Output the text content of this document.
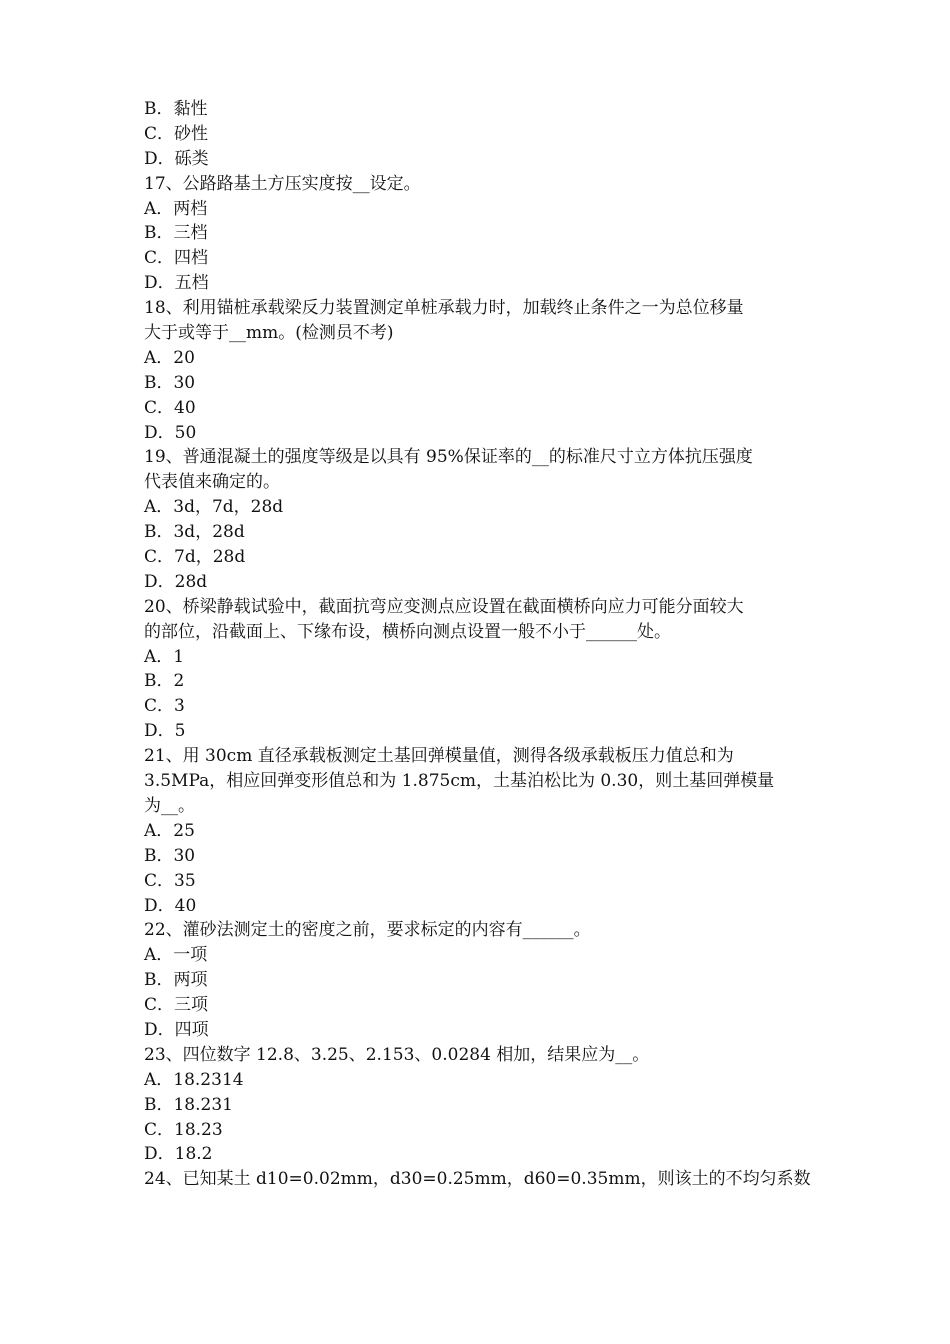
B．黏性
C．砂性
D．砾类
17、公路路基土方压实度按__设定。
A．两档
B．三档
C．四档
D．五档
18、利用锚桩承载梁反力装置测定单桩承载力时，加载终止条件之一为总位移量
大于或等于__mm。(检测员不考)
A．20
B．30
C．40
D．50
19、普通混凝土的强度等级是以具有 95%保证率的__的标准尺寸立方体抗压强度
代表值来确定的。
A．3d，7d，28d
B．3d，28d
C．7d，28d
D．28d
20、桥梁静载试验中，截面抗弯应变测点应设置在截面横桥向应力可能分面较大
的部位，沿截面上、下缘布设，横桥向测点设置一般不小于______处。
A．1
B．2
C．3
D．5
21、用 30cm 直径承载板测定土基回弹模量值，测得各级承载板压力值总和为
3.5MPa，相应回弹变形值总和为 1.875cm，土基泊松比为 0.30，则土基回弹模量
为__。
A．25
B．30
C．35
D．40
22、灌砂法测定土的密度之前，要求标定的内容有______。
A．一项
B．两项
C．三项
D．四项
23、四位数字 12.8、3.25、2.153、0.0284 相加，结果应为__。
A．18.2314
B．18.231
C．18.23
D．18.2
24、已知某土 d10=0.02mm，d30=0.25mm，d60=0.35mm，则该土的不均匀系数
